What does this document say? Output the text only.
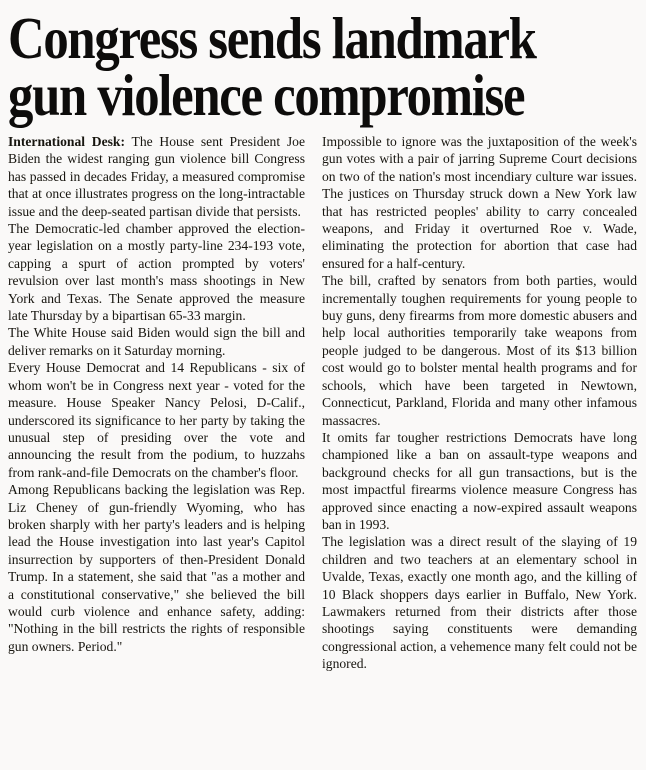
Congress sends landmark
gun violence compromise

International Desk: The House sent President Joe Biden the widest ranging gun violence bill Congress has passed in decades Friday, a measured compromise that at once illustrates progress on the long-intractable issue and the deep-seated partisan divide that persists.

The Democratic-led chamber approved the election-year legislation on a mostly party-line 234-193 vote, capping a spurt of action prompted by voters' revulsion over last month's mass shootings in New York and Texas. The Senate approved the measure late Thursday by a bipartisan 65-33 margin.

The White House said Biden would sign the bill and deliver remarks on it Saturday morning.

Every House Democrat and 14 Republicans - six of whom won't be in Congress next year - voted for the measure. House Speaker Nancy Pelosi, D-Calif., underscored its significance to her party by taking the unusual step of presiding over the vote and announcing the result from the podium, to huzzahs from rank-and-file Democrats on the chamber's floor.

Among Republicans backing the legislation was Rep. Liz Cheney of gun-friendly Wyoming, who has broken sharply with her party's leaders and is helping lead the House investigation into last year's Capitol insurrection by supporters of then-President Donald Trump. In a statement, she said that "as a mother and a constitutional conservative," she believed the bill would curb violence and enhance safety, adding: "Nothing in the bill restricts the rights of responsible gun owners. Period."

Impossible to ignore was the juxtaposition of the week's gun votes with a pair of jarring Supreme Court decisions on two of the nation's most incendiary culture war issues. The justices on Thursday struck down a New York law that has restricted peoples' ability to carry concealed weapons, and Friday it overturned Roe v. Wade, eliminating the protection for abortion that case had ensured for a half-century.

The bill, crafted by senators from both parties, would incrementally toughen requirements for young people to buy guns, deny firearms from more domestic abusers and help local authorities temporarily take weapons from people judged to be dangerous. Most of its $13 billion cost would go to bolster mental health programs and for schools, which have been targeted in Newtown, Connecticut, Parkland, Florida and many other infamous massacres.

It omits far tougher restrictions Democrats have long championed like a ban on assault-type weapons and background checks for all gun transactions, but is the most impactful firearms violence measure Congress has approved since enacting a now-expired assault weapons ban in 1993.

The legislation was a direct result of the slaying of 19 children and two teachers at an elementary school in Uvalde, Texas, exactly one month ago, and the killing of 10 Black shoppers days earlier in Buffalo, New York. Lawmakers returned from their districts after those shootings saying constituents were demanding congressional action, a vehemence many felt could not be ignored.
